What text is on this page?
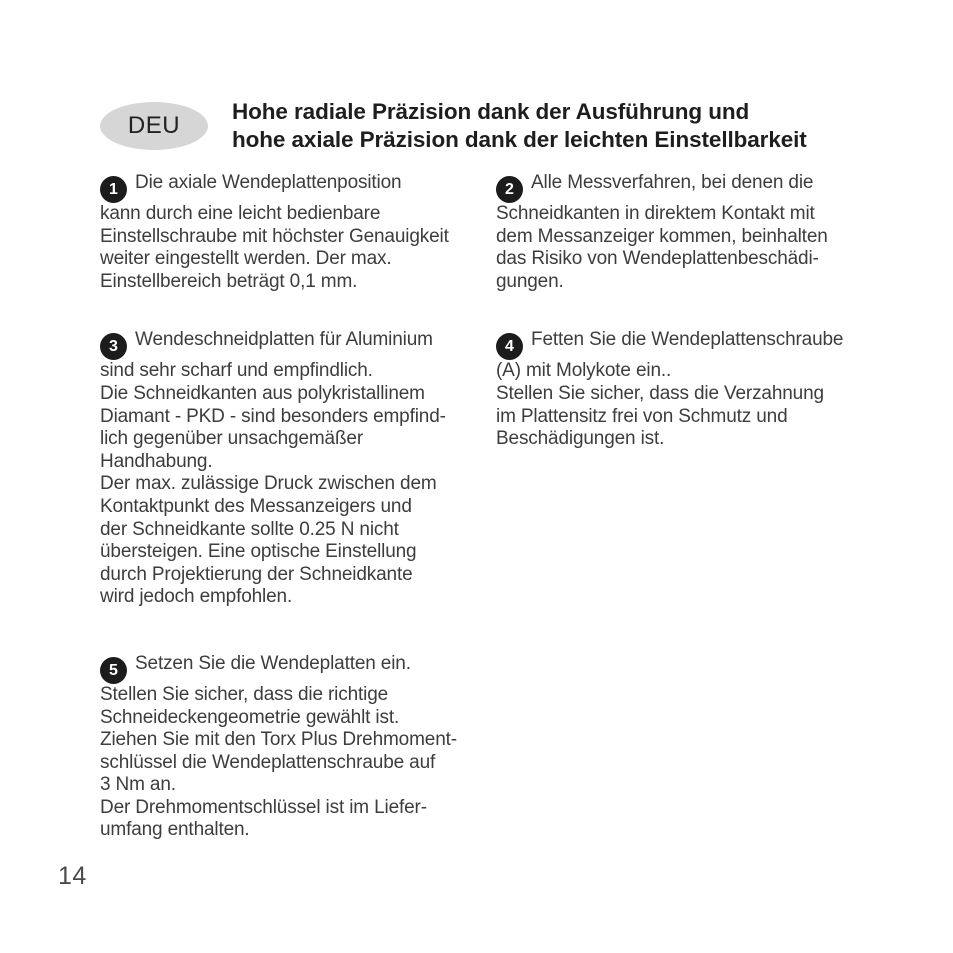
DEU
Hohe radiale Präzision dank der Ausführung und
hohe axiale Präzision dank der leichten Einstellbarkeit
1 Die axiale Wendeplattenposition
kann durch eine leicht bedienbare
Einstellschraube mit höchster Genauigkeit
weiter eingestellt werden. Der max.
Einstellbereich beträgt 0,1 mm.
3 Wendeschneidplatten für Aluminium
sind sehr scharf und empfindlich.
Die Schneidkanten aus polykristallinem
Diamant - PKD - sind besonders empfind-
lich gegenüber unsachgemäßer
Handhabung.
Der max. zulässige Druck zwischen dem
Kontaktpunkt des Messanzeigers und
der Schneidkante sollte 0.25 N nicht
übersteigen. Eine optische Einstellung
durch Projektierung der Schneidkante
wird jedoch empfohlen.
5 Setzen Sie die Wendeplatten ein.
Stellen Sie sicher, dass die richtige
Schneideckengeometrie gewählt ist.
Ziehen Sie mit den Torx Plus Drehmoment-
schlüssel die Wendeplattenschraube auf
3 Nm an.
Der Drehmomentschlüssel ist im Liefer-
umfang enthalten.
2 Alle Messverfahren, bei denen die
Schneidkanten in direktem Kontakt mit
dem Messanzeiger kommen, beinhalten
das Risiko von Wendeplattenbeschädi-
gungen.
4 Fetten Sie die Wendeplattenschraube
(A) mit Molykote ein..
Stellen Sie sicher, dass die Verzahnung
im Plattensitz frei von Schmutz und
Beschädigungen ist.
14
